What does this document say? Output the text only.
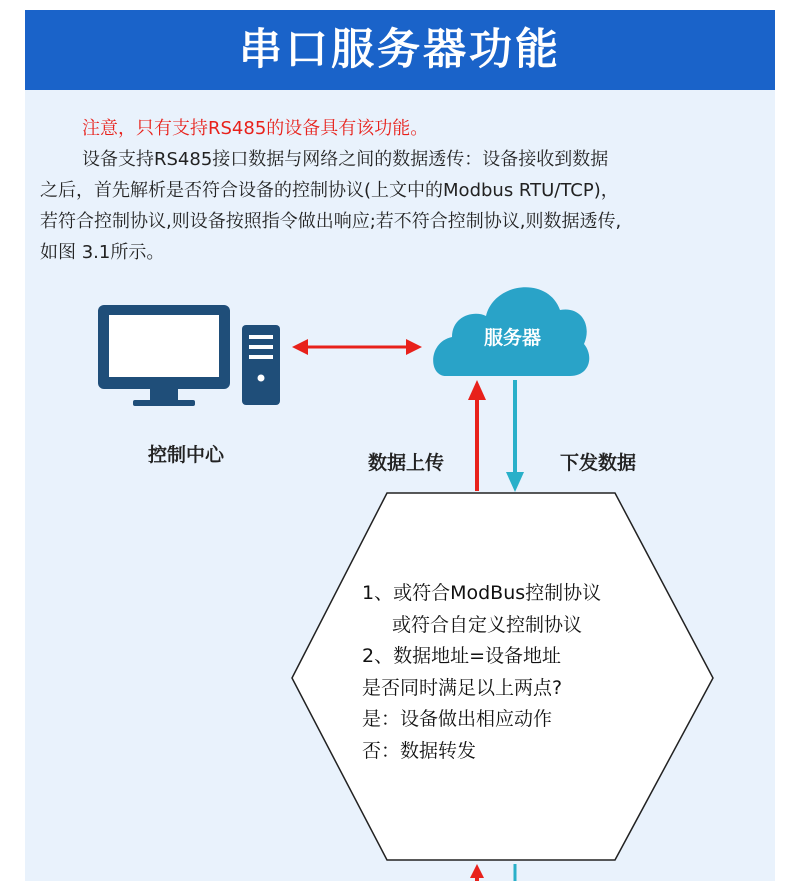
串口服务器功能
注意，只有支持RS485的设备具有该功能。
设备支持RS485接口数据与网络之间的数据透传：设备接收到数据
之后，首先解析是否符合设备的控制协议(上文中的Modbus RTU/TCP)，
若符合控制协议,则设备按照指令做出响应;若不符合控制协议,则数据透传,
如图 3.1所示。
控制中心
服务器
数据上传	下发数据
1、或符合ModBus控制协议
或符合自定义控制协议
2、数据地址=设备地址
是否同时满足以上两点?
是：设备做出相应动作
否：数据转发
